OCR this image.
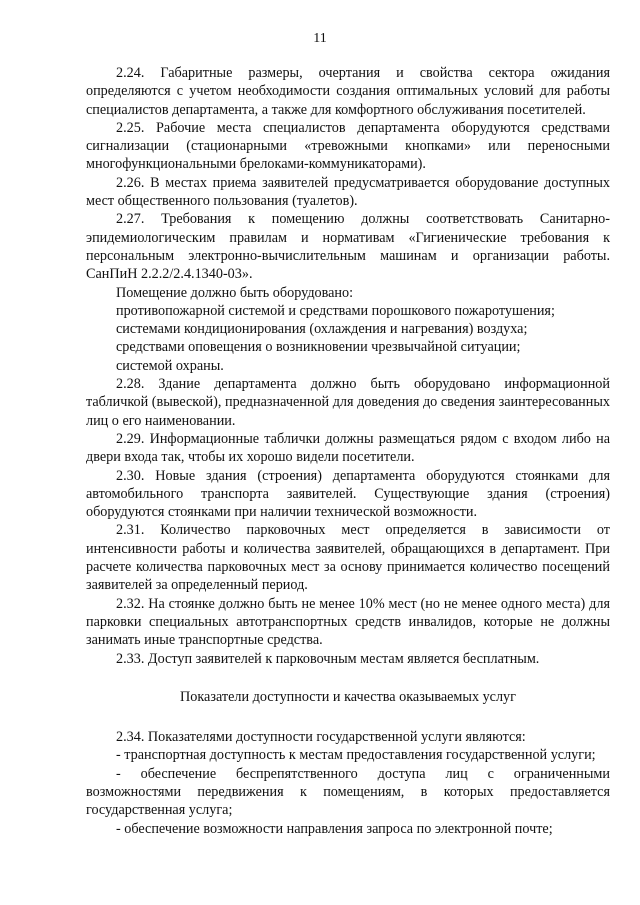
11

2.24. Габаритные размеры, очертания и свойства сектора ожидания определяются с учетом необходимости создания оптимальных условий для работы специалистов департамента, а также для комфортного обслуживания посетителей.

2.25. Рабочие места специалистов департамента оборудуются средствами сигнализации (стационарными «тревожными кнопками» или переносными многофункциональными брелоками-коммуникаторами).

2.26. В местах приема заявителей предусматривается оборудование доступных мест общественного пользования (туалетов).

2.27. Требования к помещению должны соответствовать Санитарно-эпидемиологическим правилам и нормативам «Гигиенические требования к персональным электронно-вычислительным машинам и организации работы. СанПиН 2.2.2/2.4.1340-03».

Помещение должно быть оборудовано:

противопожарной системой и средствами порошкового пожаротушения;

системами кондиционирования (охлаждения и нагревания) воздуха;

средствами оповещения о возникновении чрезвычайной ситуации;

системой охраны.

2.28. Здание департамента должно быть оборудовано информационной табличкой (вывеской), предназначенной для доведения до сведения заинтересованных лиц о его наименовании.

2.29. Информационные таблички должны размещаться рядом с входом либо на двери входа так, чтобы их хорошо видели посетители.

2.30. Новые здания (строения) департамента оборудуются стоянками для автомобильного транспорта заявителей. Существующие здания (строения) оборудуются стоянками при наличии технической возможности.

2.31. Количество парковочных мест определяется в зависимости от интенсивности работы и количества заявителей, обращающихся в департамент. При расчете количества парковочных мест за основу принимается количество посещений заявителей за определенный период.

2.32. На стоянке должно быть не менее 10% мест (но не менее одного места) для парковки специальных автотранспортных средств инвалидов, которые не должны занимать иные транспортные средства.

2.33. Доступ заявителей к парковочным местам является бесплатным.

Показатели доступности и качества оказываемых услуг

2.34. Показателями доступности государственной услуги являются:

- транспортная доступность к местам предоставления государственной услуги;

- обеспечение беспрепятственного доступа лиц с ограниченными возможностями передвижения к помещениям, в которых предоставляется государственная услуга;

- обеспечение возможности направления запроса по электронной почте;
